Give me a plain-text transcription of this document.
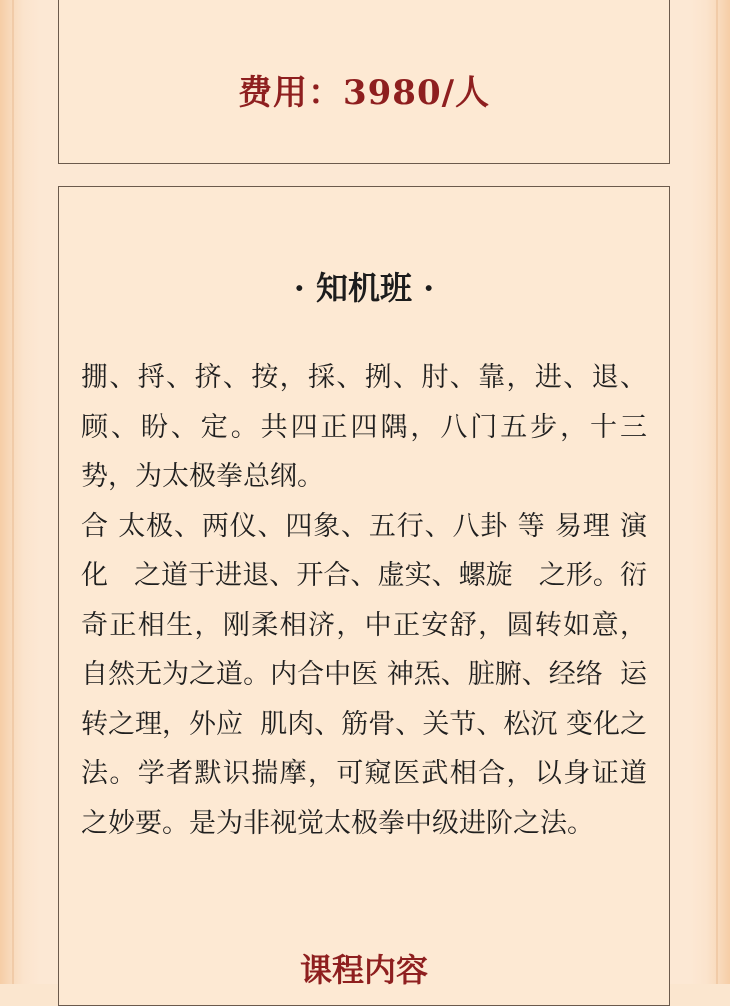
费用：3980/人
· 知机班 ·

掤、捋、挤、按，採、挒、肘、靠，进、退、顾、盼、定。共四正四隅，八门五步，十三势，为太极拳总纲。

合 太极、两仪、四象、五行、八卦 等 易理 演化   之道于进退、开合、虚实、螺旋   之形。衍奇正相生，刚柔相济，中正安舒，圆转如意，自然无为之道。内合中医 神炁、脏腑、经络  运转之理，外应  肌肉、筋骨、关节、松沉 变化之法。学者默识揣摩，可窥医武相合，以身证道之妙要。是为非视觉太极拳中级进阶之法。

课程内容
